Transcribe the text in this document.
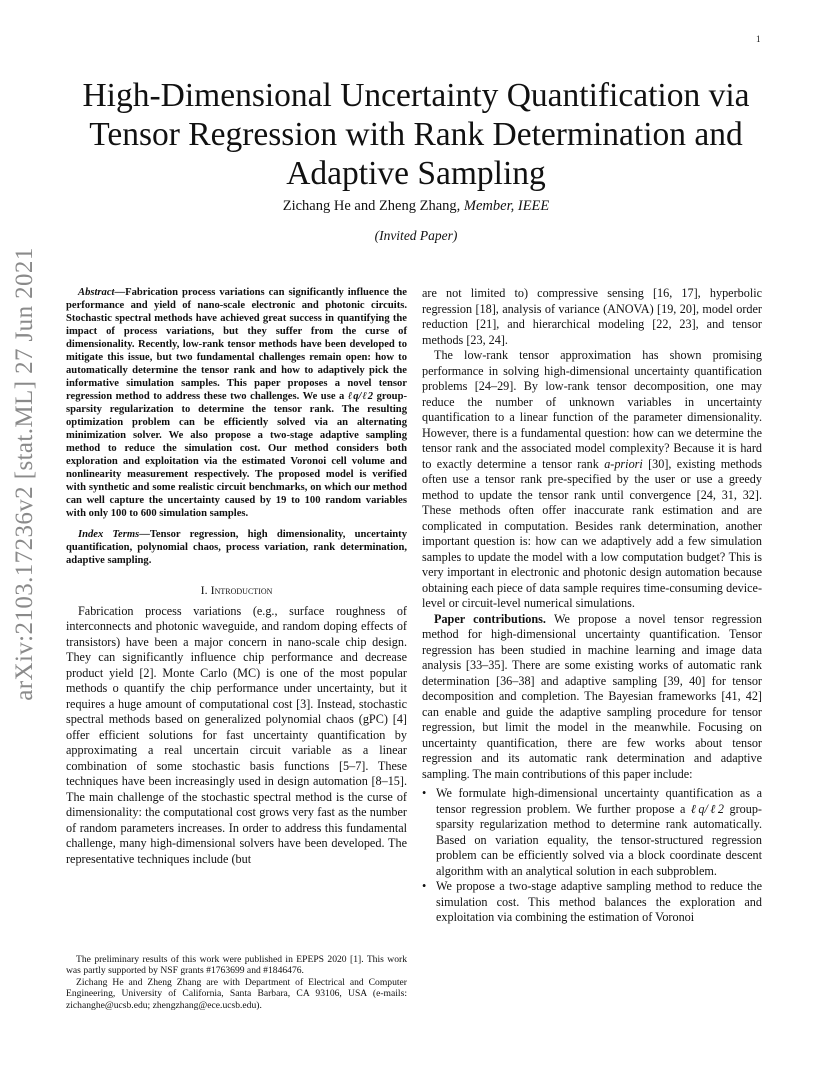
1
arXiv:2103.17236v2 [stat.ML] 27 Jun 2021
High-Dimensional Uncertainty Quantification via Tensor Regression with Rank Determination and Adaptive Sampling
Zichang He and Zheng Zhang, Member, IEEE
(Invited Paper)

Abstract—Fabrication process variations can significantly influence the performance and yield of nano-scale electronic and photonic circuits. Stochastic spectral methods have achieved great success in quantifying the impact of process variations, but they suffer from the curse of dimensionality. Recently, low-rank tensor methods have been developed to mitigate this issue, but two fundamental challenges remain open: how to automatically determine the tensor rank and how to adaptively pick the informative simulation samples. This paper proposes a novel tensor regression method to address these two challenges. We use a ℓq/ℓ2 group-sparsity regularization to determine the tensor rank. The resulting optimization problem can be efficiently solved via an alternating minimization solver. We also propose a two-stage adaptive sampling method to reduce the simulation cost. Our method considers both exploration and exploitation via the estimated Voronoi cell volume and nonlinearity measurement respectively. The proposed model is verified with synthetic and some realistic circuit benchmarks, on which our method can well capture the uncertainty caused by 19 to 100 random variables with only 100 to 600 simulation samples.

Index Terms—Tensor regression, high dimensionality, uncertainty quantification, polynomial chaos, process variation, rank determination, adaptive sampling.

I. Introduction

Fabrication process variations (e.g., surface roughness of interconnects and photonic waveguide, and random doping effects of transistors) have been a major concern in nano-scale chip design. They can significantly influence chip performance and decrease product yield [2]. Monte Carlo (MC) is one of the most popular methods o quantify the chip performance under uncertainty, but it requires a huge amount of computational cost [3]. Instead, stochastic spectral methods based on generalized polynomial chaos (gPC) [4] offer efficient solutions for fast uncertainty quantification by approximating a real uncertain circuit variable as a linear combination of some stochastic basis functions [5–7]. These techniques have been increasingly used in design automation [8–15]. The main challenge of the stochastic spectral method is the curse of dimensionality: the computational cost grows very fast as the number of random parameters increases. In order to address this fundamental challenge, many high-dimensional solvers have been developed. The representative techniques include (but

The preliminary results of this work were published in EPEPS 2020 [1]. This work was partly supported by NSF grants #1763699 and #1846476.

Zichang He and Zheng Zhang are with Department of Electrical and Computer Engineering, University of California, Santa Barbara, CA 93106, USA (e-mails: zichanghe@ucsb.edu; zhengzhang@ece.ucsb.edu).

are not limited to) compressive sensing [16, 17], hyperbolic regression [18], analysis of variance (ANOVA) [19, 20], model order reduction [21], and hierarchical modeling [22, 23], and tensor methods [23, 24].

The low-rank tensor approximation has shown promising performance in solving high-dimensional uncertainty quantification problems [24–29]. By low-rank tensor decomposition, one may reduce the number of unknown variables in uncertainty quantification to a linear function of the parameter dimensionality. However, there is a fundamental question: how can we determine the tensor rank and the associated model complexity? Because it is hard to exactly determine a tensor rank a-priori [30], existing methods often use a tensor rank pre-specified by the user or use a greedy method to update the tensor rank until convergence [24, 31, 32]. These methods often offer inaccurate rank estimation and are complicated in computation. Besides rank determination, another important question is: how can we adaptively add a few simulation samples to update the model with a low computation budget? This is very important in electronic and photonic design automation because obtaining each piece of data sample requires time-consuming device-level or circuit-level numerical simulations.

Paper contributions. We propose a novel tensor regression method for high-dimensional uncertainty quantification. Tensor regression has been studied in machine learning and image data analysis [33–35]. There are some existing works of automatic rank determination [36–38] and adaptive sampling [39, 40] for tensor decomposition and completion. The Bayesian frameworks [41, 42] can enable and guide the adaptive sampling procedure for tensor regression, but limit the model in the meanwhile. Focusing on uncertainty quantification, there are few works about tensor regression and its automatic rank determination and adaptive sampling. The main contributions of this paper include:

• We formulate high-dimensional uncertainty quantification as a tensor regression problem. We further propose a ℓq/ℓ2 group-sparsity regularization method to determine rank automatically. Based on variation equality, the tensor-structured regression problem can be efficiently solved via a block coordinate descent algorithm with an analytical solution in each subproblem.
• We propose a two-stage adaptive sampling method to reduce the simulation cost. This method balances the exploration and exploitation via combining the estimation of Voronoi
